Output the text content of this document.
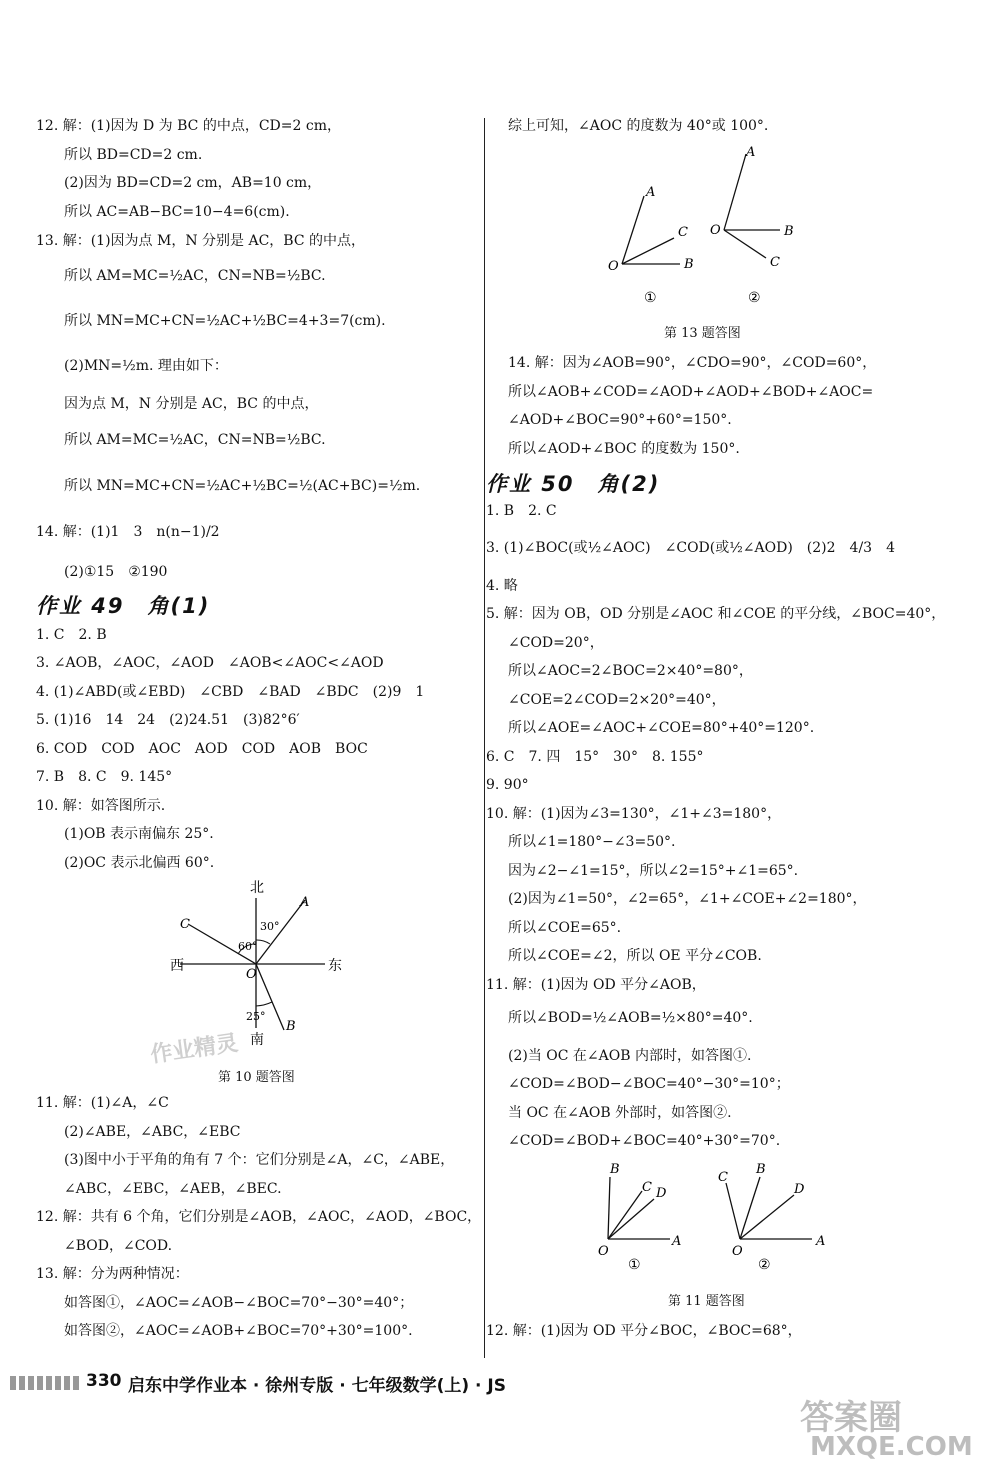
12. 解：(1)因为 D 为 BC 的中点，CD=2 cm，
所以 BD=CD=2 cm.
(2)因为 BD=CD=2 cm，AB=10 cm，
所以 AC=AB−BC=10−4=6(cm).
13. 解：(1)因为点 M，N 分别是 AC，BC 的中点，
所以 AM=MC=½AC，CN=NB=½BC.
所以 MN=MC+CN=½AC+½BC=4+3=7(cm).
(2)MN=½m. 理由如下：
因为点 M，N 分别是 AC，BC 的中点，
所以 AM=MC=½AC，CN=NB=½BC.
所以 MN=MC+CN=½AC+½BC=½(AC+BC)=½m.
14. 解：(1)1　3　n(n−1)/2
(2)①15　②190
作业 49　角(1)
1. C　2. B
3. ∠AOB，∠AOC，∠AOD　∠AOB<∠AOC<∠AOD
4. (1)∠ABD(或∠EBD)　∠CBD　∠BAD　∠BDC　(2)9　1
5. (1)16　14　24　(2)24.51　(3)82°6′
6. COD　COD　AOC　AOD　COD　AOB　BOC
7. B　8. C　9. 145°
10. 解：如答图所示.
(1)OB 表示南偏东 25°.
(2)OC 表示北偏西 60°.
北
南
西	东
A
C
B
O
30°
60°
25°
第 10 题答图
11. 解：(1)∠A，∠C
(2)∠ABE，∠ABC，∠EBC
(3)图中小于平角的角有 7 个：它们分别是∠A，∠C，∠ABE，
∠ABC，∠EBC，∠AEB，∠BEC.
12. 解：共有 6 个角，它们分别是∠AOB，∠AOC，∠AOD，∠BOC，
∠BOD，∠COD.
13. 解：分为两种情况：
如答图①，∠AOC=∠AOB−∠BOC=70°−30°=40°；
如答图②，∠AOC=∠AOB+∠BOC=70°+30°=100°.
综上可知，∠AOC 的度数为 40°或 100°.
A
C
B
O
A
B
C
O
①	②
第 13 题答图
14. 解：因为∠AOB=90°，∠CDO=90°，∠COD=60°，
所以∠AOB+∠COD=∠AOD+∠AOD+∠BOD+∠AOC=
∠AOD+∠BOC=90°+60°=150°.
所以∠AOD+∠BOC 的度数为 150°.
作业 50　角(2)
1. B　2. C
3. (1)∠BOC(或½∠AOC)　∠COD(或½∠AOD)　(2)2　4/3　4
4. 略
5. 解：因为 OB，OD 分别是∠AOC 和∠COE 的平分线，∠BOC=40°，
∠COD=20°，
所以∠AOC=2∠BOC=2×40°=80°，
∠COE=2∠COD=2×20°=40°，
所以∠AOE=∠AOC+∠COE=80°+40°=120°.
6. C　7. 四　15°　30°　8. 155°
9. 90°
10. 解：(1)因为∠3=130°，∠1+∠3=180°，
所以∠1=180°−∠3=50°.
因为∠2−∠1=15°，所以∠2=15°+∠1=65°.
(2)因为∠1=50°，∠2=65°，∠1+∠COE+∠2=180°，
所以∠COE=65°.
所以∠COE=∠2，所以 OE 平分∠COB.
11. 解：(1)因为 OD 平分∠AOB，
所以∠BOD=½∠AOB=½×80°=40°.
(2)当 OC 在∠AOB 内部时，如答图①.
∠COD=∠BOD−∠BOC=40°−30°=10°；
当 OC 在∠AOB 外部时，如答图②.
∠COD=∠BOD+∠BOC=40°+30°=70°.
B
C D
A
O
C
B
D
A
O
①	②
第 11 题答图
12. 解：(1)因为 OD 平分∠BOC，∠BOC=68°，
330 启东中学作业本 · 徐州专版 · 七年级数学(上) · JS
作业精灵
答案圈
MXQE.COM
